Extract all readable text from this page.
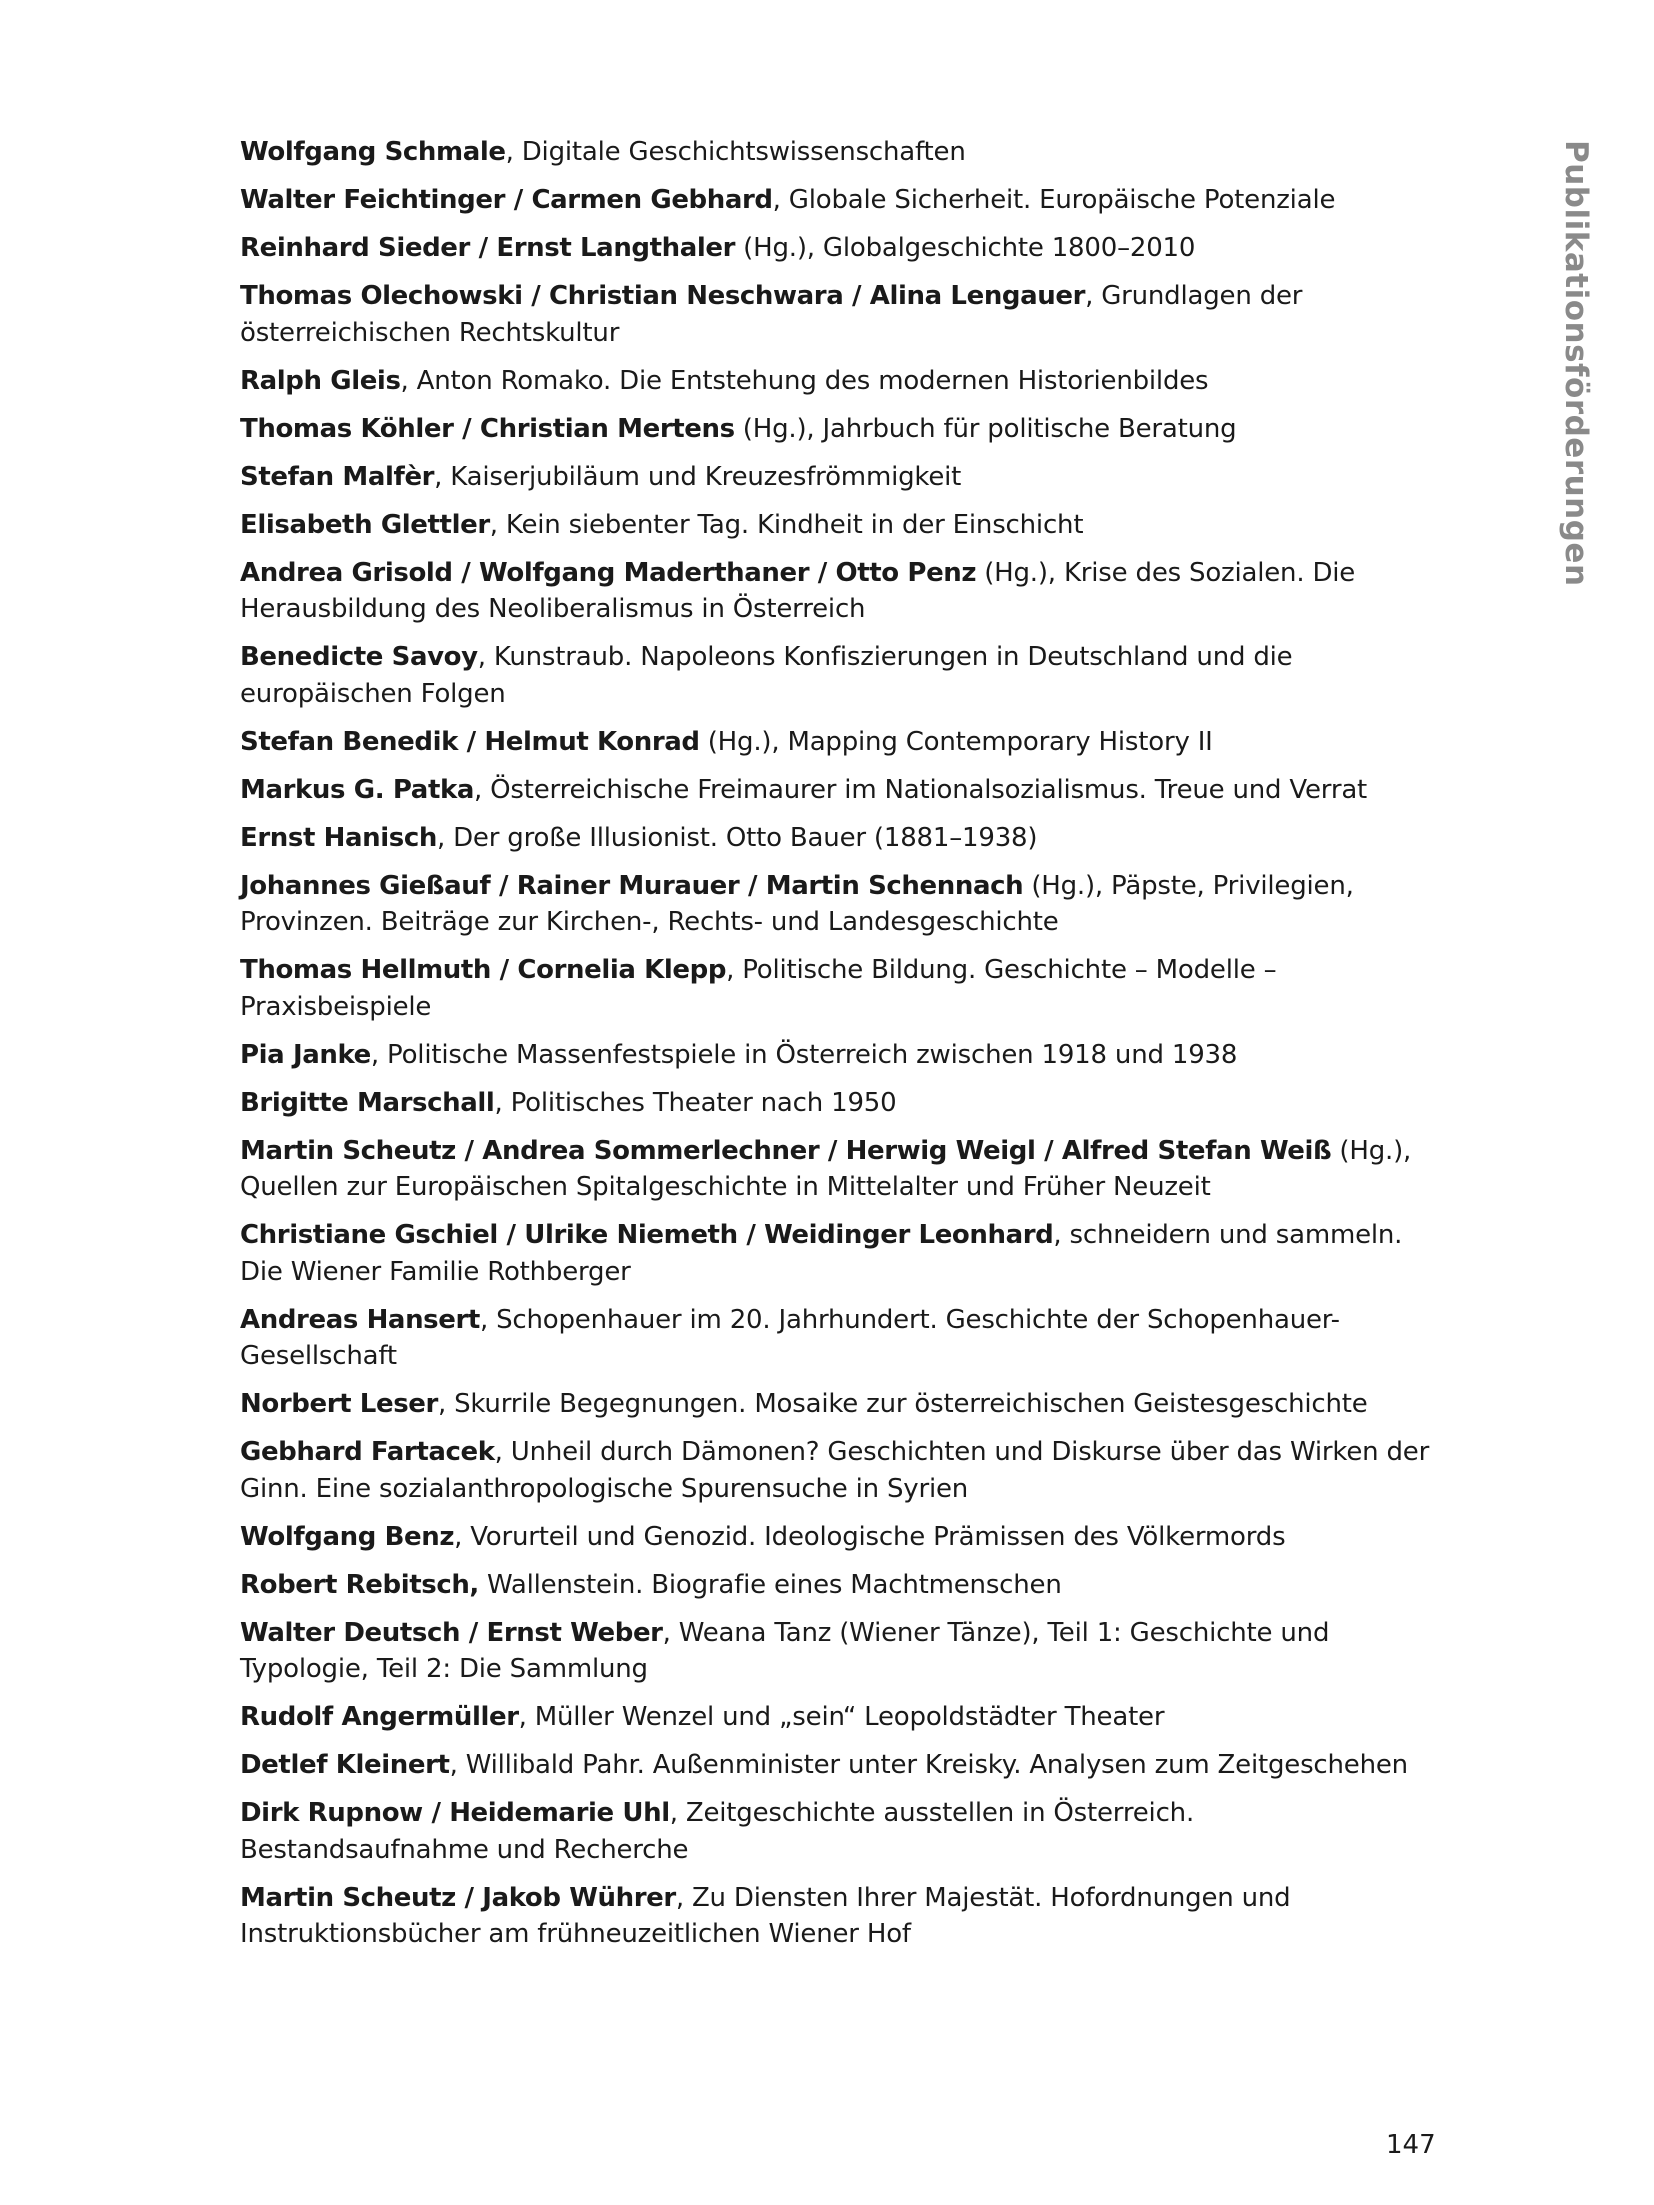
Publikationsförderungen
Wolfgang Schmale, Digitale Geschichtswissenschaften
Walter Feichtinger / Carmen Gebhard, Globale Sicherheit. Europäische Potenziale
Reinhard Sieder / Ernst Langthaler (Hg.), Globalgeschichte 1800–2010
Thomas Olechowski / Christian Neschwara / Alina Lengauer, Grundlagen der österreichischen Rechtskultur
Ralph Gleis, Anton Romako. Die Entstehung des modernen Historienbildes
Thomas Köhler / Christian Mertens (Hg.), Jahrbuch für politische Beratung
Stefan Malfèr, Kaiserjubiläum und Kreuzesfrömmigkeit
Elisabeth Glettler, Kein siebenter Tag. Kindheit in der Einschicht
Andrea Grisold / Wolfgang Maderthaner / Otto Penz (Hg.), Krise des Sozialen. Die Herausbildung des Neoliberalismus in Österreich
Benedicte Savoy, Kunstraub. Napoleons Konfiszierungen in Deutschland und die europäischen Folgen
Stefan Benedik / Helmut Konrad (Hg.), Mapping Contemporary History II
Markus G. Patka, Österreichische Freimaurer im Nationalsozialismus. Treue und Verrat
Ernst Hanisch, Der große Illusionist. Otto Bauer (1881–1938)
Johannes Gießauf / Rainer Murauer / Martin Schennach (Hg.), Päpste, Privilegien, Provinzen. Beiträge zur Kirchen-, Rechts- und Landesgeschichte
Thomas Hellmuth / Cornelia Klepp, Politische Bildung. Geschichte – Modelle – Praxisbeispiele
Pia Janke, Politische Massenfestspiele in Österreich zwischen 1918 und 1938
Brigitte Marschall, Politisches Theater nach 1950
Martin Scheutz / Andrea Sommerlechner / Herwig Weigl / Alfred Stefan Weiß (Hg.), Quellen zur Europäischen Spitalgeschichte in Mittelalter und Früher Neuzeit
Christiane Gschiel / Ulrike Niemeth / Weidinger Leonhard, schneidern und sammeln. Die Wiener Familie Rothberger
Andreas Hansert, Schopenhauer im 20. Jahrhundert. Geschichte der Schopenhauer-Gesellschaft
Norbert Leser, Skurrile Begegnungen. Mosaike zur österreichischen Geistesgeschichte
Gebhard Fartacek, Unheil durch Dämonen? Geschichten und Diskurse über das Wirken der Ginn. Eine sozialanthropologische Spurensuche in Syrien
Wolfgang Benz, Vorurteil und Genozid. Ideologische Prämissen des Völkermords
Robert Rebitsch, Wallenstein. Biografie eines Machtmenschen
Walter Deutsch / Ernst Weber, Weana Tanz (Wiener Tänze), Teil 1: Geschichte und Typologie, Teil 2: Die Sammlung
Rudolf Angermüller, Müller Wenzel und „sein“ Leopoldstädter Theater
Detlef Kleinert, Willibald Pahr. Außenminister unter Kreisky. Analysen zum Zeitgeschehen
Dirk Rupnow / Heidemarie Uhl, Zeitgeschichte ausstellen in Österreich. Bestandsaufnahme und Recherche
Martin Scheutz / Jakob Wührer, Zu Diensten Ihrer Majestät. Hofordnungen und Instruktionsbücher am frühneuzeitlichen Wiener Hof
147
